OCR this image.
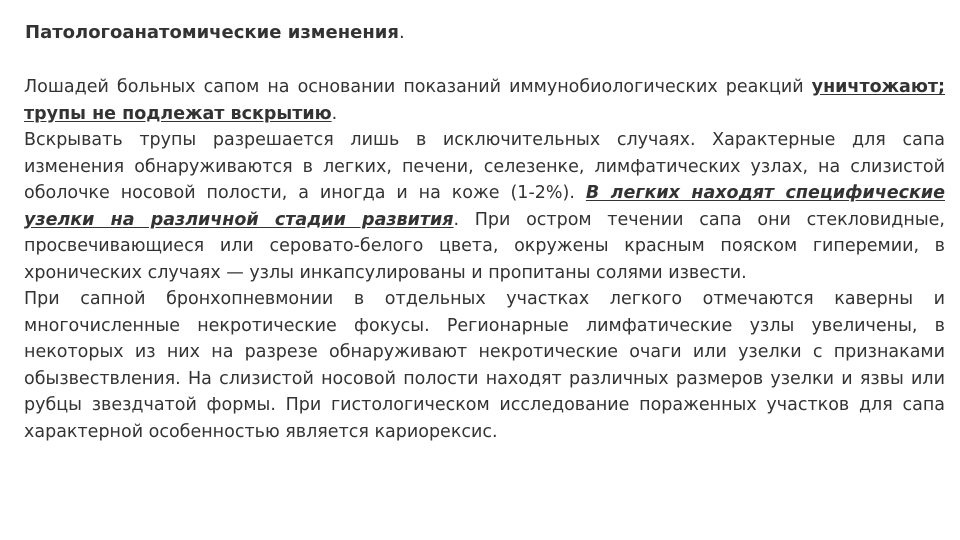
Патологоанатомические изменения.

Лошадей больных сапом на основании показаний иммунобиологических реакций уничтожают; трупы не подлежат вскрытию.

Вскрывать трупы разрешается лишь в исключительных случаях. Характерные для сапа изменения обнаруживаются в легких, печени, селезенке, лимфатических узлах, на слизистой оболочке носовой полости, а иногда и на коже (1-2%). В легких находят специфические узелки на различной стадии развития. При остром течении сапа они стекловидные, просвечивающиеся или серовато-белого цвета, окружены красным пояском гиперемии, в хронических случаях — узлы инкапсулированы и пропитаны солями извести.

При сапной бронхопневмонии в отдельных участках легкого отмечаются каверны и многочисленные некротические фокусы. Регионарные лимфатические узлы увеличены, в некоторых из них на разрезе обнаруживают некротические очаги или узелки с признаками обызвествления. На слизистой носовой полости находят различных размеров узелки и язвы или рубцы звездчатой формы. При гистологическом исследование пораженных участков для сапа характерной особенностью является кариорексис.
